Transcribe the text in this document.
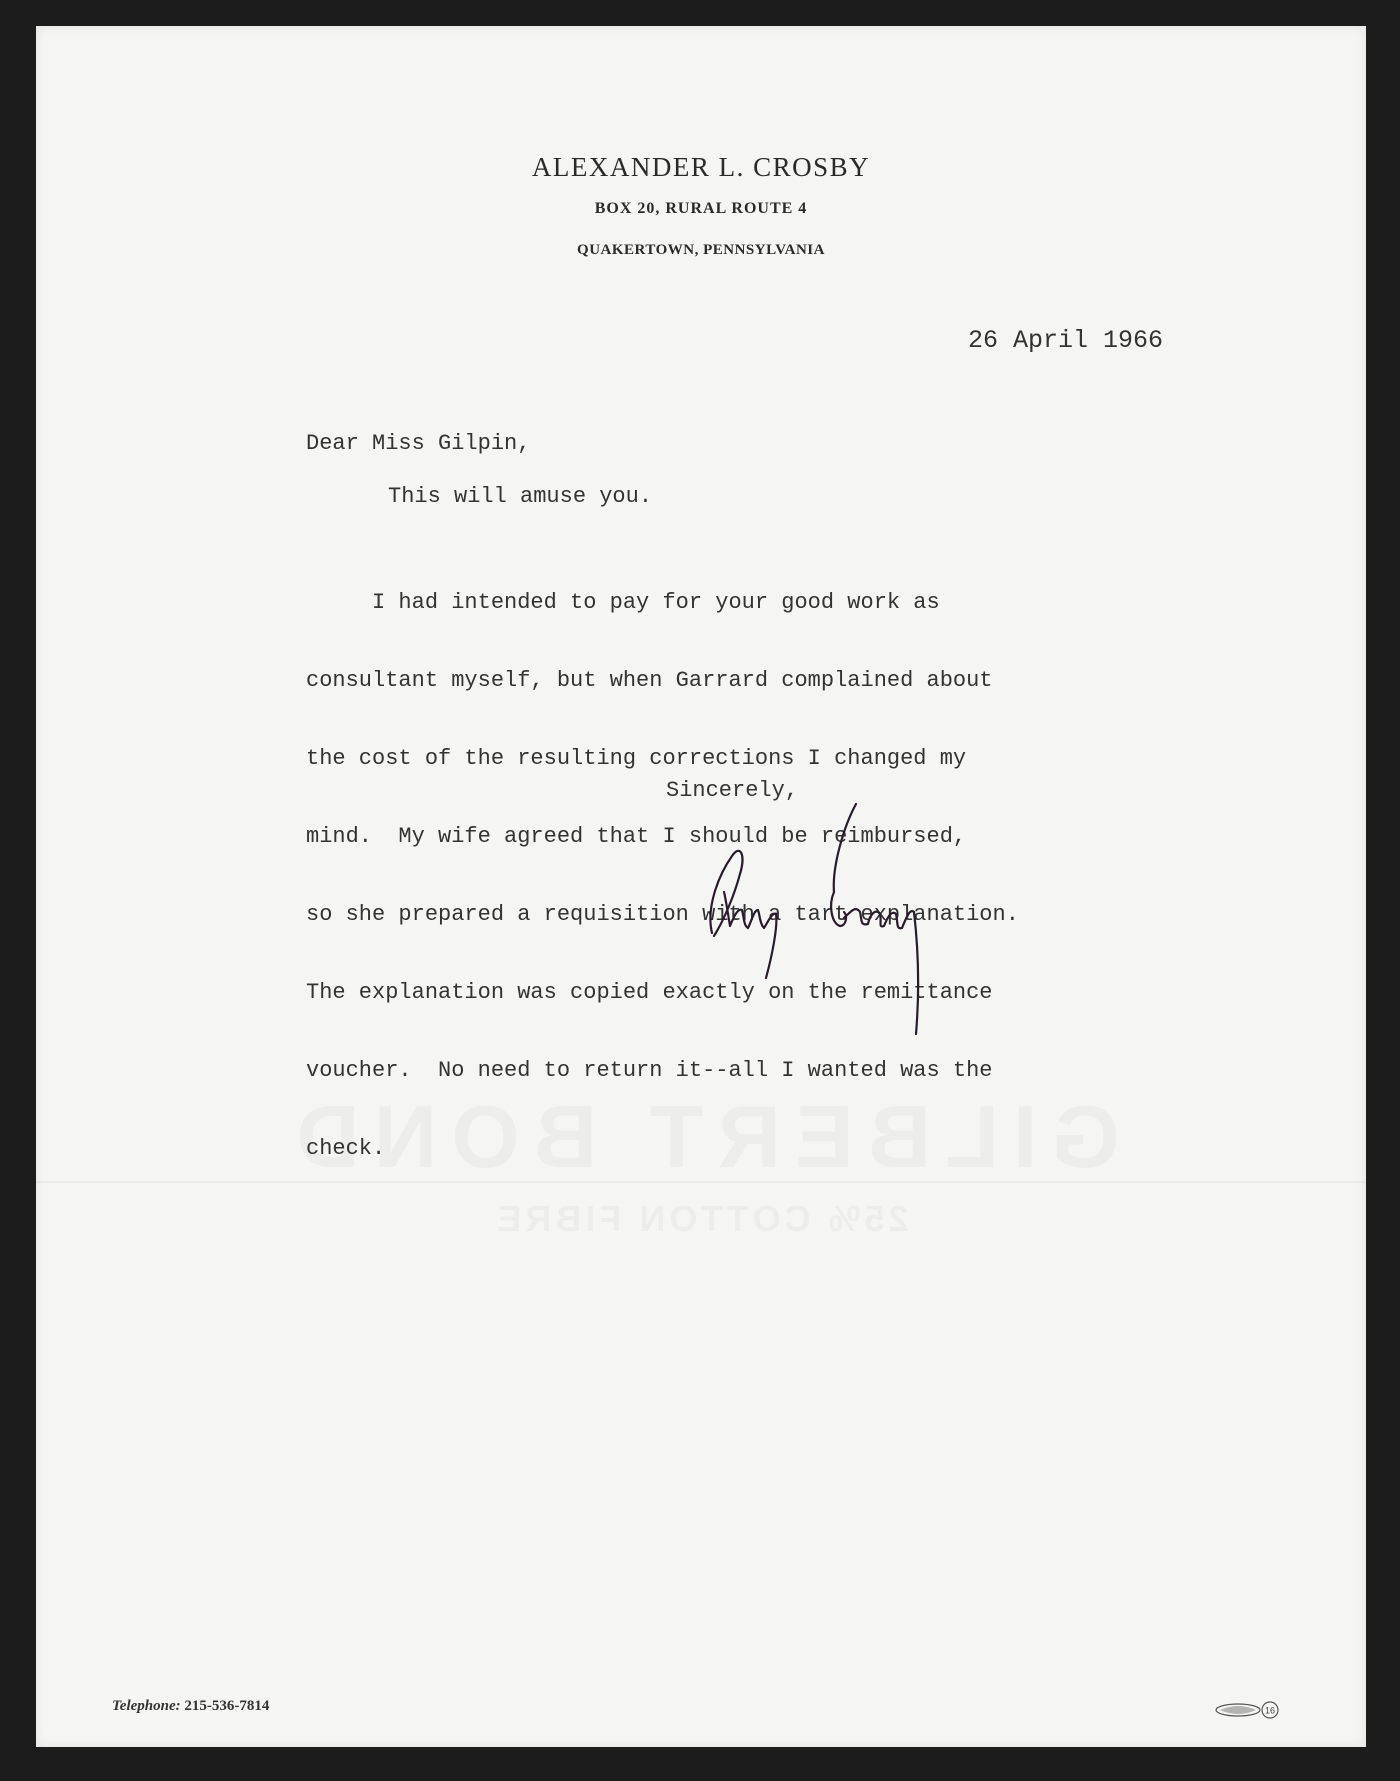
ALEXANDER L. CROSBY
BOX 20, RURAL ROUTE 4
QUAKERTOWN, PENNSYLVANIA
26 April 1966
Dear Miss Gilpin,
This will amuse you.

I had intended to pay for your good work as

consultant myself, but when Garrard complained about

the cost of the resulting corrections I changed my

mind.  My wife agreed that I should be reimbursed,

so she prepared a requisition with a tart explanation.

The explanation was copied exactly on the remittance

voucher.  No need to return it--all I wanted was the

check.

Sincerely,
Telephone: 215-536-7814	16
